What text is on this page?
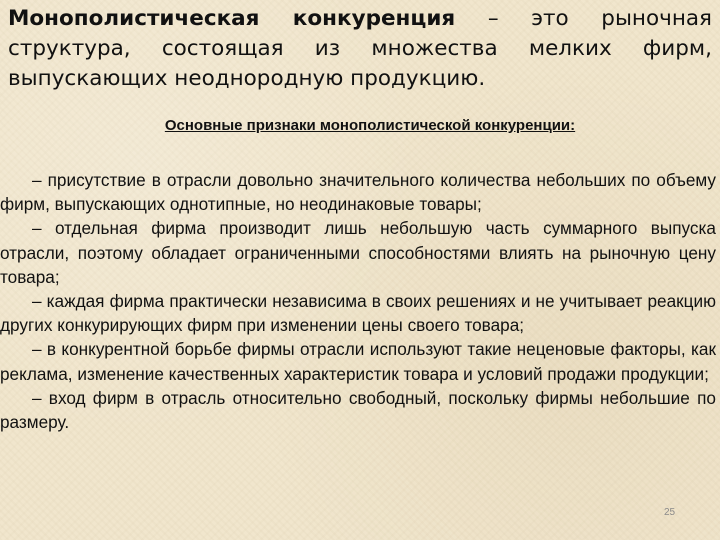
Монополистическая конкуренция – это рыночная структура, состоящая из множества мелких фирм, выпускающих неоднородную продукцию.

Основные признаки монополистической конкуренции:

– присутствие в отрасли довольно значительного количества небольших по объему фирм, выпускающих однотипные, но неодинаковые товары;
– отдельная фирма производит лишь небольшую часть суммарного выпуска отрасли, поэтому обладает ограниченными способностями влиять на рыночную цену товара;
– каждая фирма практически независима в своих решениях и не учитывает реакцию других конкурирующих фирм при изменении цены своего товара;
– в конкурентной борьбе фирмы отрасли используют такие неценовые факторы, как реклама, изменение качественных характеристик товара и условий продажи продукции;
– вход фирм в отрасль относительно свободный, поскольку фирмы небольшие по размеру.
25
